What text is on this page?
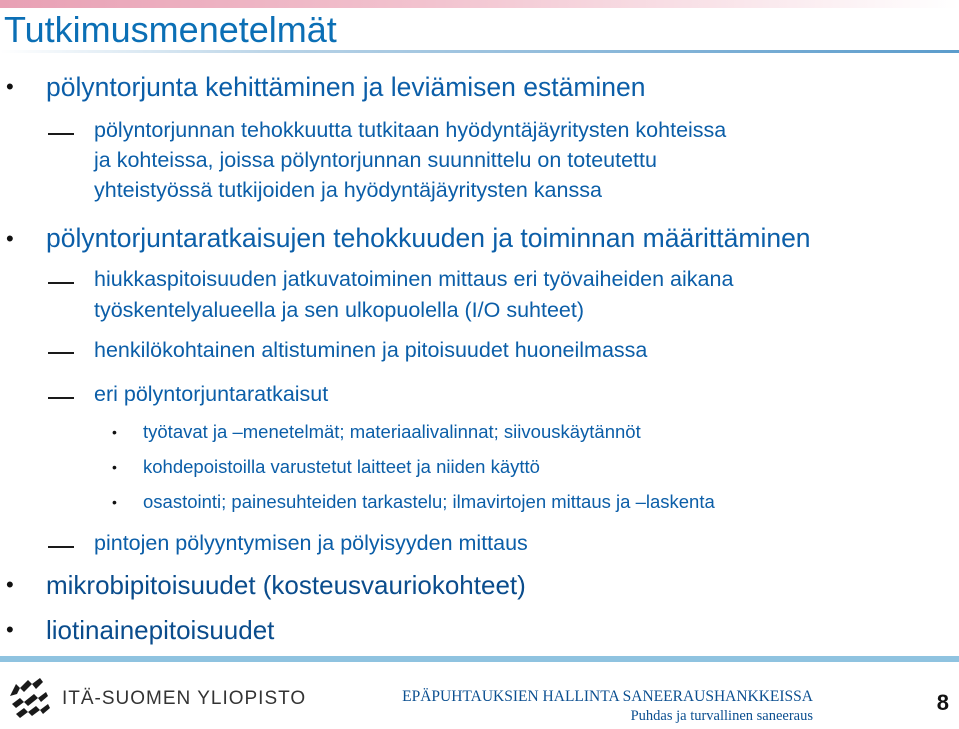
Tutkimusmenetelmät
• pölyntorjunta kehittäminen ja leviämisen estäminen
pölyntorjunnan tehokkuutta tutkitaan hyödyntäjäyritysten kohteissa
ja kohteissa, joissa pölyntorjunnan suunnittelu on toteutettu
yhteistyössä tutkijoiden ja hyödyntäjäyritysten kanssa
• pölyntorjuntaratkaisujen tehokkuuden ja toiminnan määrittäminen
hiukkaspitoisuuden jatkuvatoiminen mittaus eri työvaiheiden aikana
työskentelyalueella ja sen ulkopuolella (I/O suhteet)
henkilökohtainen altistuminen ja pitoisuudet huoneilmassa
eri pölyntorjuntaratkaisut
• työtavat ja –menetelmät; materiaalivalinnat; siivouskäytännöt
• kohdepoistoilla varustetut laitteet ja niiden käyttö
• osastointi; painesuhteiden tarkastelu; ilmavirtojen mittaus ja –laskenta
pintojen pölyyntymisen ja pölyisyyden mittaus
• mikrobipitoisuudet (kosteusvauriokohteet)
• liotinainepitoisuudet
ITÄ-SUOMEN YLIOPISTO	EPÄPUHTAUKSIEN HALLINTA SANEERAUSHANKKEISSA
Puhdas ja turvallinen saneeraus
8
